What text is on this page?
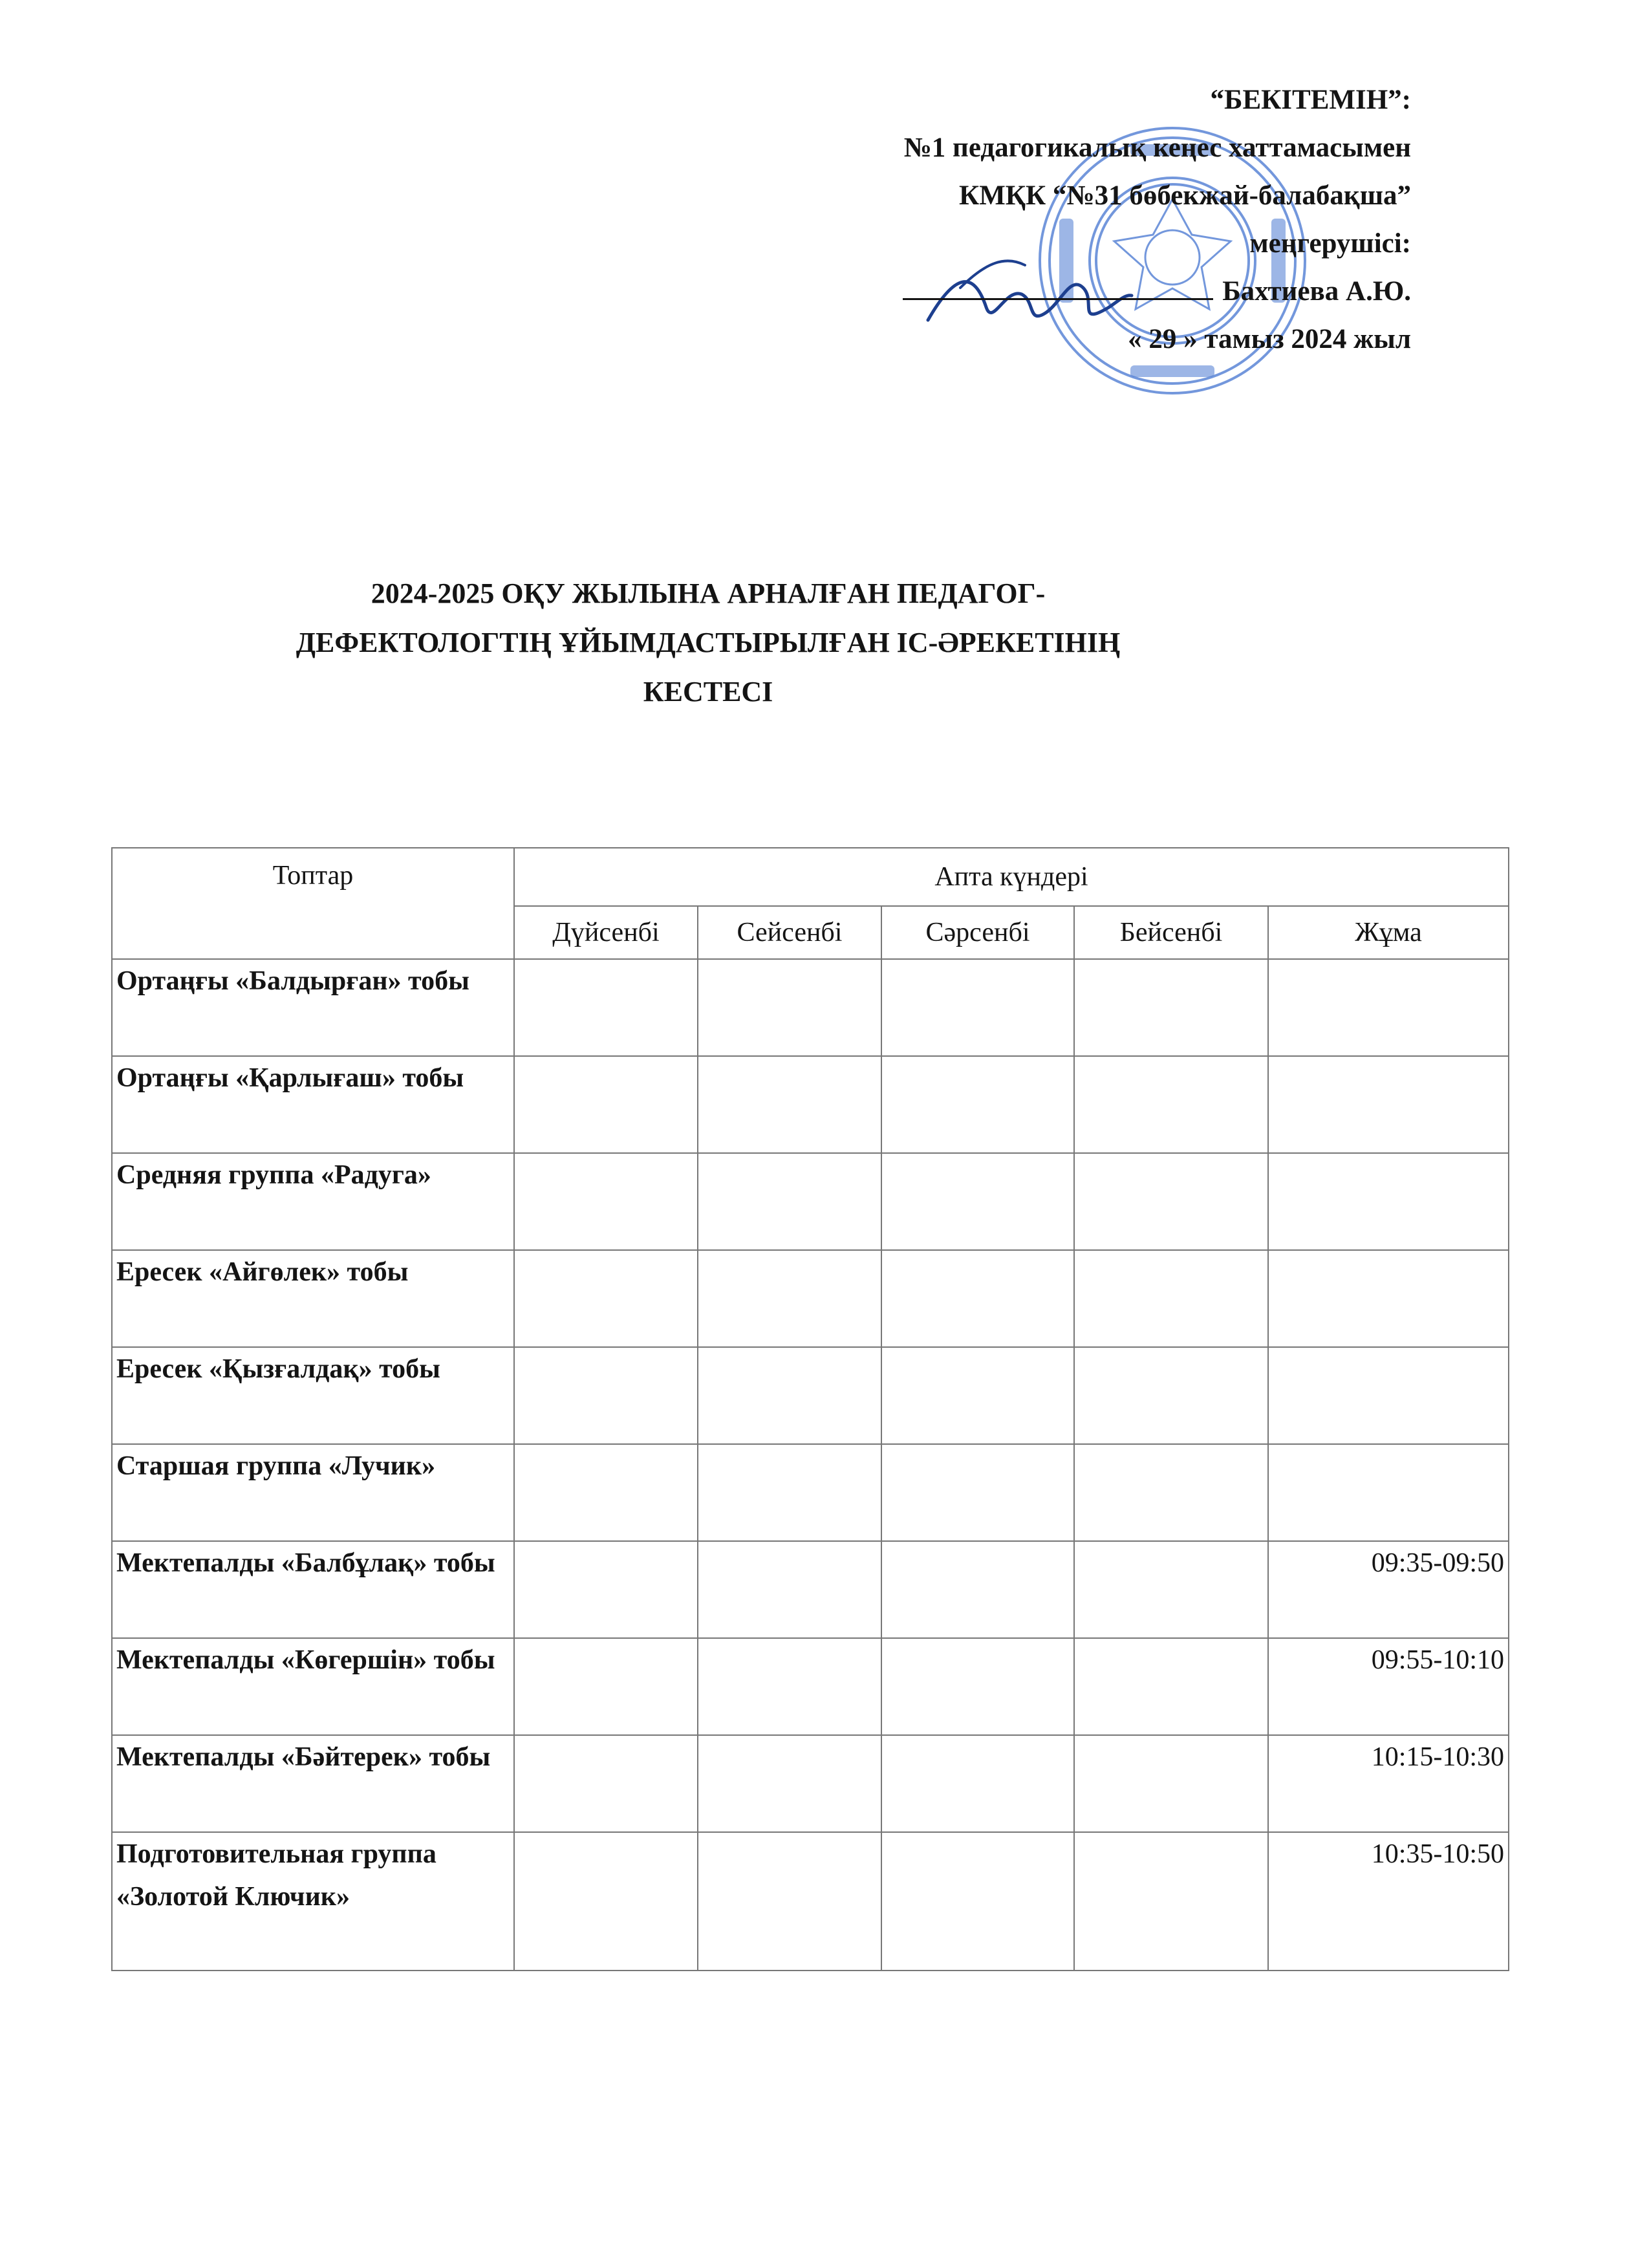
“БЕКІТЕМІН”:
№1 педагогикалық кеңес хаттамасымен
КМҚК “№31 бөбекжай-балабақша”
меңгерушісі:
Бахтиева А.Ю.
« 29 » тамыз 2024 жыл
2024-2025 ОҚУ ЖЫЛЫНА АРНАЛҒАН ПЕДАГОГ-
ДЕФЕКТОЛОГТІҢ ҰЙЫМДАСТЫРЫЛҒАН ІС-ӘРЕКЕТІНІҢ
КЕСТЕСІ
Топтар	Апта күндері				
	Дүйсенбі	Сейсенбі	Сәрсенбі	Бейсенбі	Жұма
Ортаңғы «Балдырған» тобы					
Ортаңғы «Қарлығаш» тобы					
Средняя группа «Радуга»					
Ересек «Айгөлек» тобы					
Ересек «Қызғалдақ» тобы					
Старшая группа «Лучик»					
Мектепалды «Балбұлақ» тобы					09:35-09:50
Мектепалды «Көгершін» тобы					09:55-10:10
Мектепалды «Бәйтерек» тобы					10:15-10:30
Подготовительная группа «Золотой Ключик»					10:35-10:50
